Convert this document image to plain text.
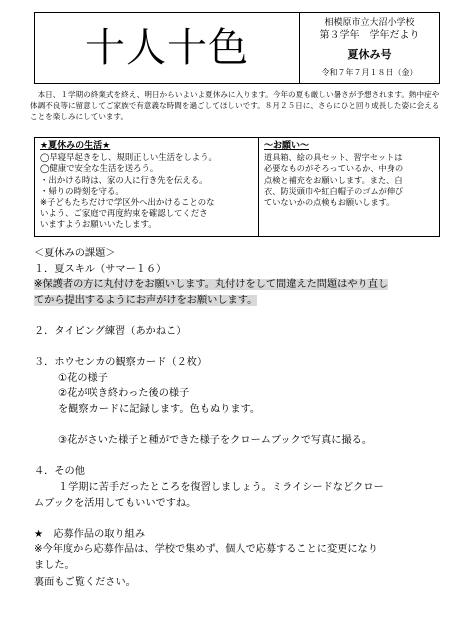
十人十色
相模原市立大沼小学校
第３学年　学年だより
夏休み号
令和７年７月１８日（金）

　本日、１学期の終業式を終え、明日からいよいよ夏休みに入ります。今年の夏も厳しい暑さが予想されます。熱中症や体調不良等に留意してご家族で有意義な時間を過ごしてほしいです。８月２５日に、さらにひと回り成長した姿に会えることを楽しみにしています。

★夏休みの生活★
◯早寝早起きをし、規則正しい生活をしよう。
◯健康で安全な生活を送ろう。
・出かける時は、家の人に行き先を伝える。
・帰りの時刻を守る。
※子どもたちだけで学区外へ出かけることのな
いよう、ご家庭で再度約束を確認してくださ
いますようお願いいたします。
〜お願い〜
道具箱、絵の具セット、習字セットは
必要なものがそろっているか、中身の
点検と補充をお願いします。また、白
衣、防災頭巾や紅白帽子のゴムが伸び
ていないかの点検もお願いします。
＜夏休みの課題＞
１．夏スキル（サマー１６）
※保護者の方に丸付けをお願いします。丸付けをして間違えた問題はやり直し
てから提出するようにお声がけをお願いします。
２．タイピング練習（あかねこ）
３．ホウセンカの観察カード（２枚）
①花の様子
②花が咲き終わった後の様子
を観察カードに記録します。色もぬります。
③花がさいた様子と種ができた様子をクロームブックで写真に撮る。
４．その他
１学期に苦手だったところを復習しましょう。ミライシードなどクロー
ムブックを活用してもいいですね。
★　応募作品の取り組み
※今年度から応募作品は、学校で集めず、個人で応募することに変更になり
ました。
裏面もご覧ください。
